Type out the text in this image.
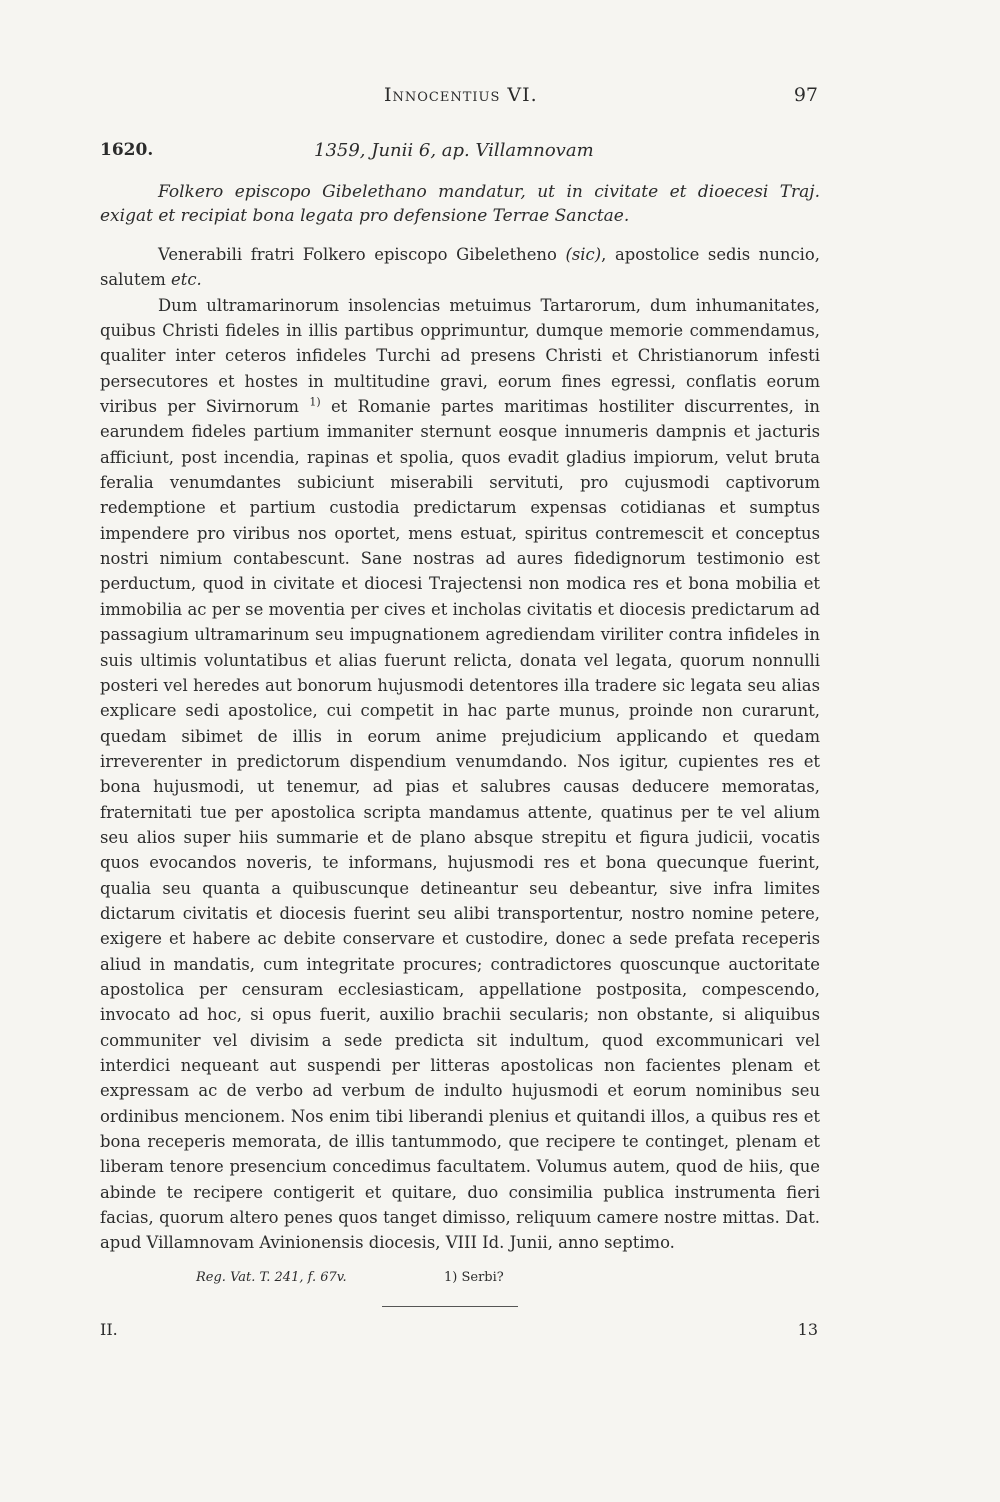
Innocentius VI.	97
1620.	1359, Junii 6, ap. Villamnovam
Folkero episcopo Gibelethano mandatur, ut in civitate et dioecesi Traj. exigat et recipiat bona legata pro defensione Terrae Sanctae.

Venerabili fratri Folkero episcopo Gibeletheno (sic), apostolice sedis nuncio, salutem etc.

Dum ultramarinorum insolencias metuimus Tartarorum, dum inhumanitates, quibus Christi fideles in illis partibus opprimuntur, dumque memorie commendamus, qualiter inter ceteros infideles Turchi ad presens Christi et Christianorum infesti persecutores et hostes in multitudine gravi, eorum fines egressi, conflatis eorum viribus per Sivirnorum $^{1)}$ et Romanie partes maritimas hostiliter discurrentes, in earundem fideles partium immaniter sternunt eosque innumeris dampnis et jacturis afficiunt, post incendia, rapinas et spolia, quos evadit gladius impiorum, velut bruta feralia venumdantes subiciunt miserabili servituti, pro cujusmodi captivorum redemptione et partium custodia predictarum expensas cotidianas et sumptus impendere pro viribus nos oportet, mens estuat, spiritus contremescit et conceptus nostri nimium contabescunt. Sane nostras ad aures fidedignorum testimonio est perductum, quod in civitate et diocesi Trajectensi non modica res et bona mobilia et immobilia ac per se moventia per cives et incholas civitatis et diocesis predictarum ad passagium ultramarinum seu impugnationem agrediendam viriliter contra infideles in suis ultimis voluntatibus et alias fuerunt relicta, donata vel legata, quorum nonnulli posteri vel heredes aut bonorum hujusmodi detentores illa tradere sic legata seu alias explicare sedi apostolice, cui competit in hac parte munus, proinde non curarunt, quedam sibimet de illis in eorum anime prejudicium applicando et quedam irreverenter in predictorum dispendium venumdando. Nos igitur, cupientes res et bona hujusmodi, ut tenemur, ad pias et salubres causas deducere memoratas, fraternitati tue per apostolica scripta mandamus attente, quatinus per te vel alium seu alios super hiis summarie et de plano absque strepitu et figura judicii, vocatis quos evocandos noveris, te informans, hujusmodi res et bona quecunque fuerint, qualia seu quanta a quibuscunque detineantur seu debeantur, sive infra limites dictarum civitatis et diocesis fuerint seu alibi transportentur, nostro nomine petere, exigere et habere ac debite conservare et custodire, donec a sede prefata receperis aliud in mandatis, cum integritate procures; contradictores quoscunque auctoritate apostolica per censuram ecclesiasticam, appellatione postposita, compescendo, invocato ad hoc, si opus fuerit, auxilio brachii secularis; non obstante, si aliquibus communiter vel divisim a sede predicta sit indultum, quod excommunicari vel interdici nequeant aut suspendi per litteras apostolicas non facientes plenam et expressam ac de verbo ad verbum de indulto hujusmodi et eorum nominibus seu ordinibus mencionem. Nos enim tibi liberandi plenius et quitandi illos, a quibus res et bona receperis memorata, de illis tantummodo, que recipere te continget, plenam et liberam tenore presencium concedimus facultatem. Volumus autem, quod de hiis, que abinde te recipere contigerit et quitare, duo consimilia publica instrumenta fieri facias, quorum altero penes quos tanget dimisso, reliquum camere nostre mittas. Dat. apud Villamnovam Avinionensis diocesis, VIII Id. Junii, anno septimo.

Reg. Vat. T. 241, f. 67v.	1) Serbi?
II.	13
